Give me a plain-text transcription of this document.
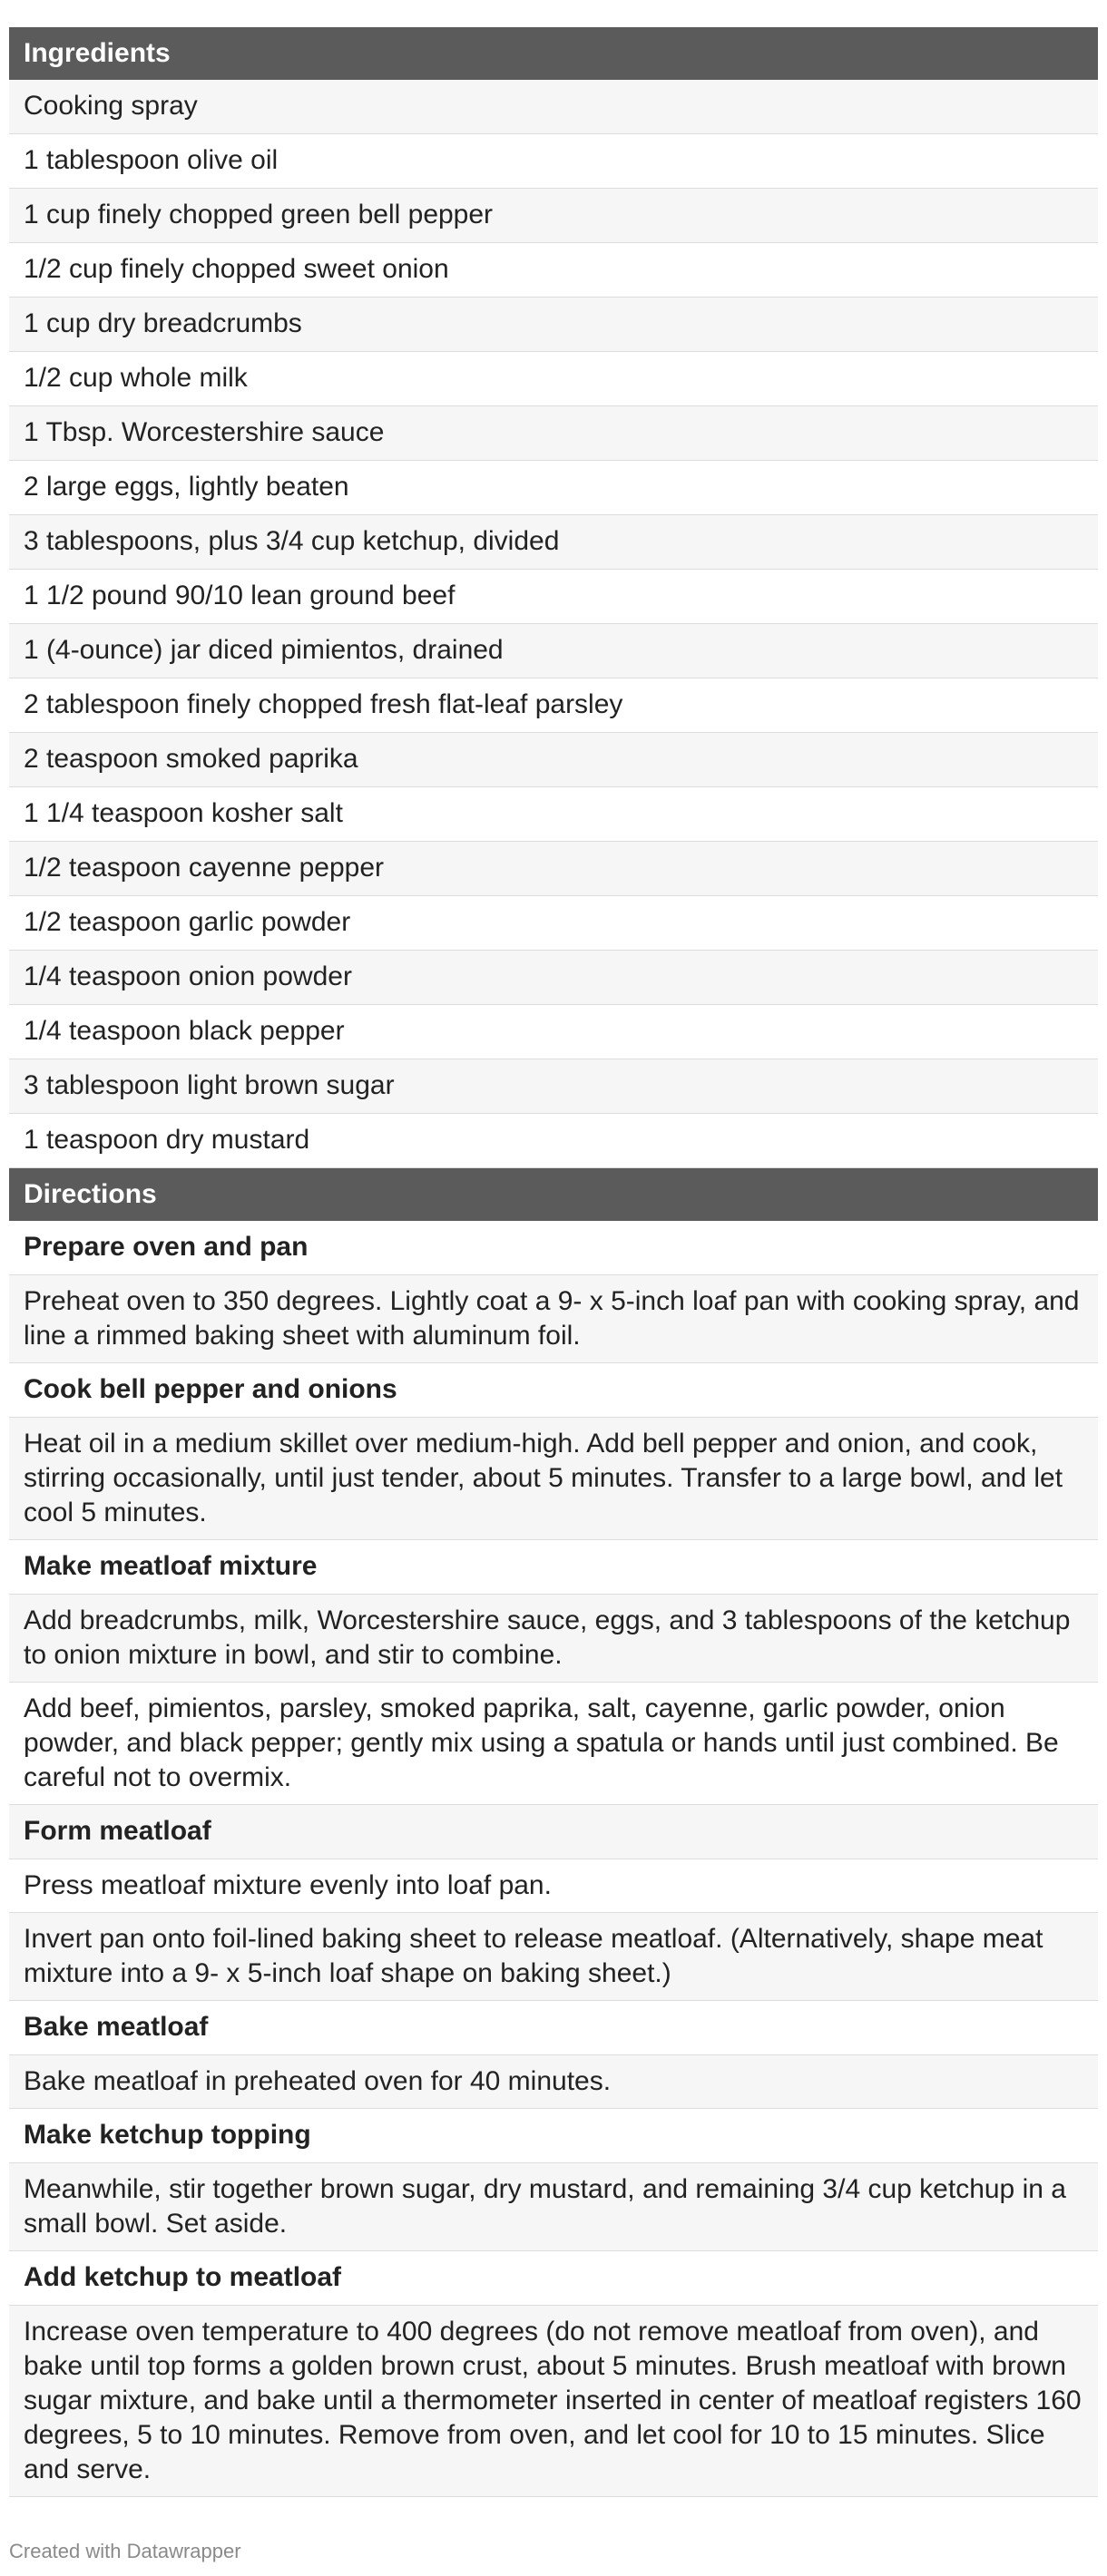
Ingredients
Cooking spray
1 tablespoon olive oil
1 cup finely chopped green bell pepper
1/2 cup finely chopped sweet onion
1 cup dry breadcrumbs
1/2 cup whole milk
1 Tbsp. Worcestershire sauce
2 large eggs, lightly beaten
3 tablespoons, plus 3/4 cup ketchup, divided
1 1/2 pound 90/10 lean ground beef
1 (4-ounce) jar diced pimientos, drained
2 tablespoon finely chopped fresh flat-leaf parsley
2 teaspoon smoked paprika
1 1/4 teaspoon kosher salt
1/2 teaspoon cayenne pepper
1/2 teaspoon garlic powder
1/4 teaspoon onion powder
1/4 teaspoon black pepper
3 tablespoon light brown sugar
1 teaspoon dry mustard
Directions
Prepare oven and pan
Preheat oven to 350 degrees. Lightly coat a 9- x 5-inch loaf pan with cooking spray, and line a rimmed baking sheet with aluminum foil.
Cook bell pepper and onions
Heat oil in a medium skillet over medium-high. Add bell pepper and onion, and cook, stirring occasionally, until just tender, about 5 minutes. Transfer to a large bowl, and let cool 5 minutes.
Make meatloaf mixture
Add breadcrumbs, milk, Worcestershire sauce, eggs, and 3 tablespoons of the ketchup to onion mixture in bowl, and stir to combine.
Add beef, pimientos, parsley, smoked paprika, salt, cayenne, garlic powder, onion powder, and black pepper; gently mix using a spatula or hands until just combined. Be careful not to overmix.
Form meatloaf
Press meatloaf mixture evenly into loaf pan.
Invert pan onto foil-lined baking sheet to release meatloaf. (Alternatively, shape meat mixture into a 9- x 5-inch loaf shape on baking sheet.)
Bake meatloaf
Bake meatloaf in preheated oven for 40 minutes.
Make ketchup topping
Meanwhile, stir together brown sugar, dry mustard, and remaining 3/4 cup ketchup in a small bowl. Set aside.
Add ketchup to meatloaf
Increase oven temperature to 400 degrees (do not remove meatloaf from oven), and bake until top forms a golden brown crust, about 5 minutes. Brush meatloaf with brown sugar mixture, and bake until a thermometer inserted in center of meatloaf registers 160 degrees, 5 to 10 minutes. Remove from oven, and let cool for 10 to 15 minutes. Slice and serve.
Created with Datawrapper
